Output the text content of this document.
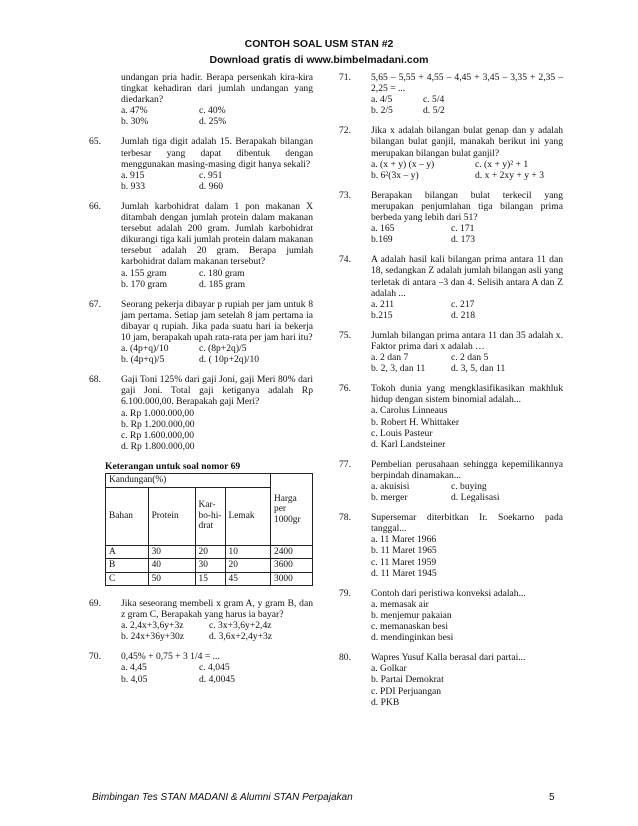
CONTOH SOAL USM STAN #2
Download gratis di www.bimbelmadani.com
undangan pria hadir. Berapa persenkah kira-kira tingkat kehadiran dari jumlah undangan yang diedarkan?
a. 47%	c. 40%
b. 30%	d. 25%
65.	Jumlah tiga digit adalah 15. Berapakah bilangan terbesar yang dapat dibentuk dengan menggunakan masing-masing digit hanya sekali?
a. 915	c. 951
b. 933	d. 960
66.	Jumlah karbohidrat dalam 1 pon makanan X ditambah dengan jumlah protein dalam makanan tersebut adalah 200 gram. Jumlah karbohidrat dikurangi tiga kali jumlah protein dalam makanan tersebut adalah 20 gram. Berapa jumlah karbohidrat dalam makanan tersebut?
a. 155 gram	c. 180 gram
b. 170 gram	d. 185 gram
67.	Seorang pekerja dibayar p rupiah per jam untuk 8 jam pertama. Setiap jam setelah 8 jam pertama ia dibayar q rupiah. Jika pada suatu hari ia bekerja 10 jam, berapakah upah rata-rata per jam hari itu?
a. (4p+q)/10	c. (8p+2q)/5
b. (4p+q)/5	d. ( 10p+2q)/10
68.	Gaji Toni 125% dari gaji Joni, gaji Meri 80% dari gaji Joni. Total gaji ketiganya adalah Rp 6.100.000,00. Berapakah gaji Meri?
a. Rp 1.000.000,00
b. Rp 1.200.000,00
c. Rp 1.600.000,00
d. Rp 1.800.000,00
Keterangan untuk soal nomor 69
Kandungan(%)				Harga per 1000gr
Bahan	Protein	Kar-bo-hi-drat	Lemak	
A	30	20	10	2400
B	40	30	20	3600
C	50	15	45	3000
69.	Jika seseorang membeli x gram A, y gram B, dan z gram C, Berapakah yang harus ia bayar?
a. 2,4x+3,6y+3z	c. 3x+3,6y+2,4z
b. 24x+36y+30z	d. 3,6x+2,4y+3z
70.	0,45% + 0,75 + 3 1/4 = ...
a. 4,45	c. 4,045
b. 4,05	d. 4,0045
71.	5,65 – 5,55 + 4,55 – 4,45 + 3,45 – 3,35 + 2,35 – 2,25 = ...
a. 4/5	c. 5/4
b. 2/5	d. 5/2
72.	Jika x adalah bilangan bulat genap dan y adalah bilangan bulat ganjil, manakah berikut ini yang merupakan bilangan bulat ganjil?
a. (x + y) (x – y)	c. (x + y)² + 1
b. 6²(3x – y)	d. x + 2xy + y + 3
73.	Berapakan bilangan bulat terkecil yang merupakan penjumlahan tiga bilangan prima berbeda yang lebih dari 51?
a. 165	c. 171
b.169	d. 173
74.	A adalah hasil kali bilangan prima antara 11 dan 18, sedangkan Z adalah jumlah bilangan asli yang terletak di antara –3 dan 4. Selisih antara A dan Z adalah ...
a. 211	c. 217
b.215	d. 218
75.	Jumlah bilangan prima antara 11 dan 35 adalah x. Faktor prima dari x adalah …
a. 2 dan 7	c. 2 dan 5
b. 2, 3, dan 11	d. 3, 5, dan 11
76.	Tokoh dunia yang mengklasifikasikan makhluk hidup dengan sistem binomial adalah...
a. Carolus Linneaus
b. Robert H. Whittaker
c. Louis Pasteur
d. Karl Landsteiner
77.	Pembelian perusahaan sehingga kepemilikannya berpindah dinamakan...
a. akuisisi	c. buying
b. merger	d. Legalisasi
78.	Supersemar diterbitkan Ir. Soekarno pada tanggal...
a. 11 Maret 1966
b. 11 Maret 1965
c. 11 Maret 1959
d. 11 Maret 1945
79.	Contoh dari peristiwa konveksi adalah...
a. memasak air
b. menjemur pakaian
c. memanaskan besi
d. mendinginkan besi
80.	Wapres Yusuf Kalla berasal dari partai...
a. Golkar
b. Partai Demokrat
c. PDI Perjuangan
d. PKB
Bimbingan Tes STAN MADANI & Alumni STAN Perpajakan	5
